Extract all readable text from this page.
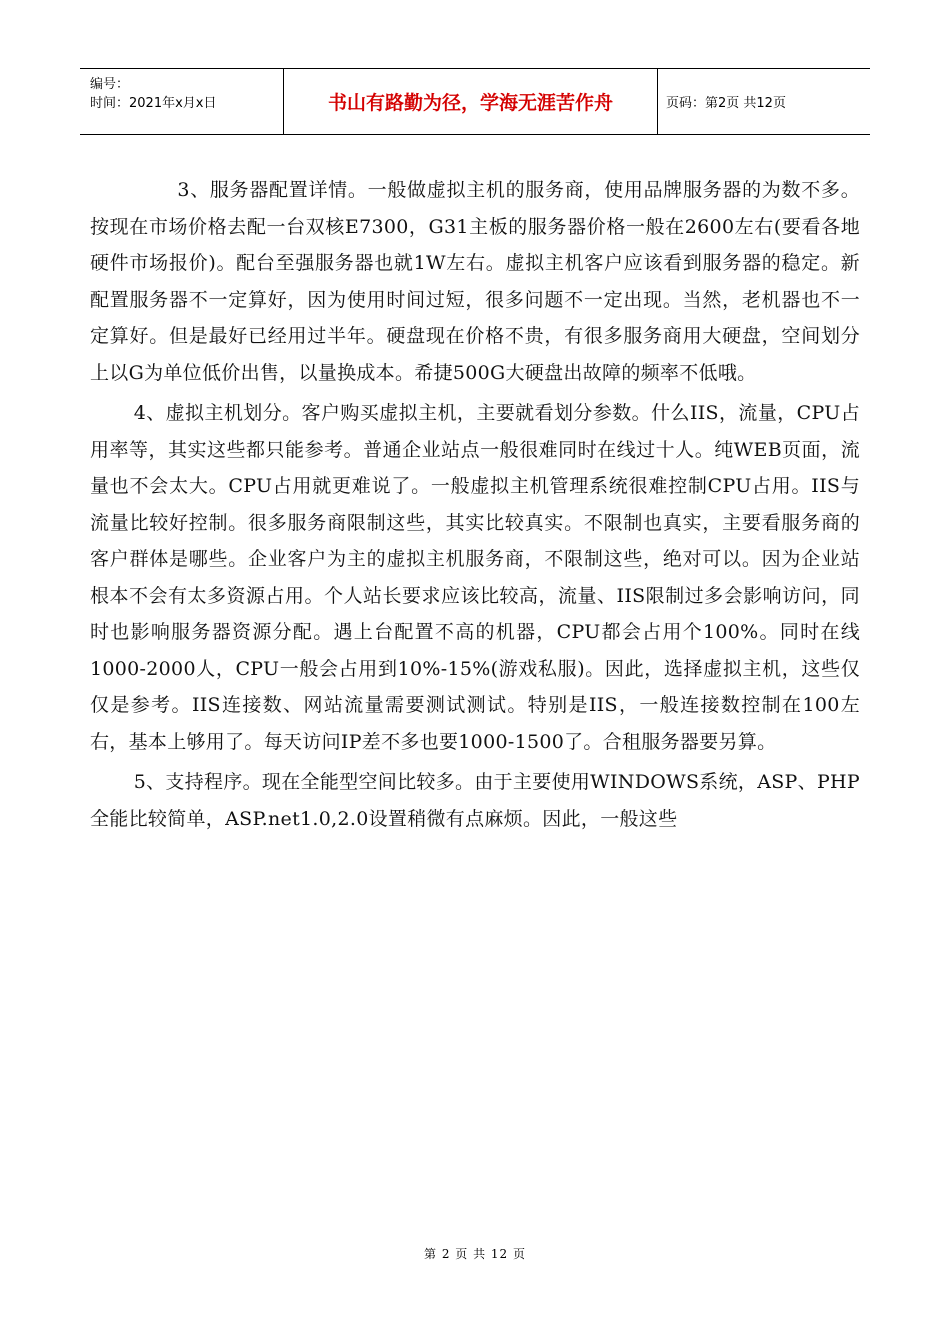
编号：
时间：2021年x月x日	书山有路勤为径，学海无涯苦作舟	页码：第2页 共12页

3、服务器配置详情。一般做虚拟主机的服务商，使用品牌服务器的为数不多。按现在市场价格去配一台双核E7300，G31主板的服务器价格一般在2600左右(要看各地硬件市场报价)。配台至强服务器也就1W左右。虚拟主机客户应该看到服务器的稳定。新配置服务器不一定算好，因为使用时间过短，很多问题不一定出现。当然，老机器也不一定算好。但是最好已经用过半年。硬盘现在价格不贵，有很多服务商用大硬盘，空间划分上以G为单位低价出售，以量换成本。希捷500G大硬盘出故障的频率不低哦。

4、虚拟主机划分。客户购买虚拟主机，主要就看划分参数。什么IIS，流量，CPU占用率等，其实这些都只能参考。普通企业站点一般很难同时在线过十人。纯WEB页面，流量也不会太大。CPU占用就更难说了。一般虚拟主机管理系统很难控制CPU占用。IIS与流量比较好控制。很多服务商限制这些，其实比较真实。不限制也真实，主要看服务商的客户群体是哪些。企业客户为主的虚拟主机服务商，不限制这些，绝对可以。因为企业站根本不会有太多资源占用。个人站长要求应该比较高，流量、IIS限制过多会影响访问，同时也影响服务器资源分配。遇上台配置不高的机器，CPU都会占用个100%。同时在线1000-2000人，CPU一般会占用到10%-15%(游戏私服)。因此，选择虚拟主机，这些仅仅是参考。IIS连接数、网站流量需要测试测试。特别是IIS，一般连接数控制在100左右，基本上够用了。每天访问IP差不多也要1000-1500了。合租服务器要另算。

5、支持程序。现在全能型空间比较多。由于主要使用WINDOWS系统，ASP、PHP全能比较简单，ASP.net1.0,2.0设置稍微有点麻烦。因此，一般这些

第 2 页 共 12 页
